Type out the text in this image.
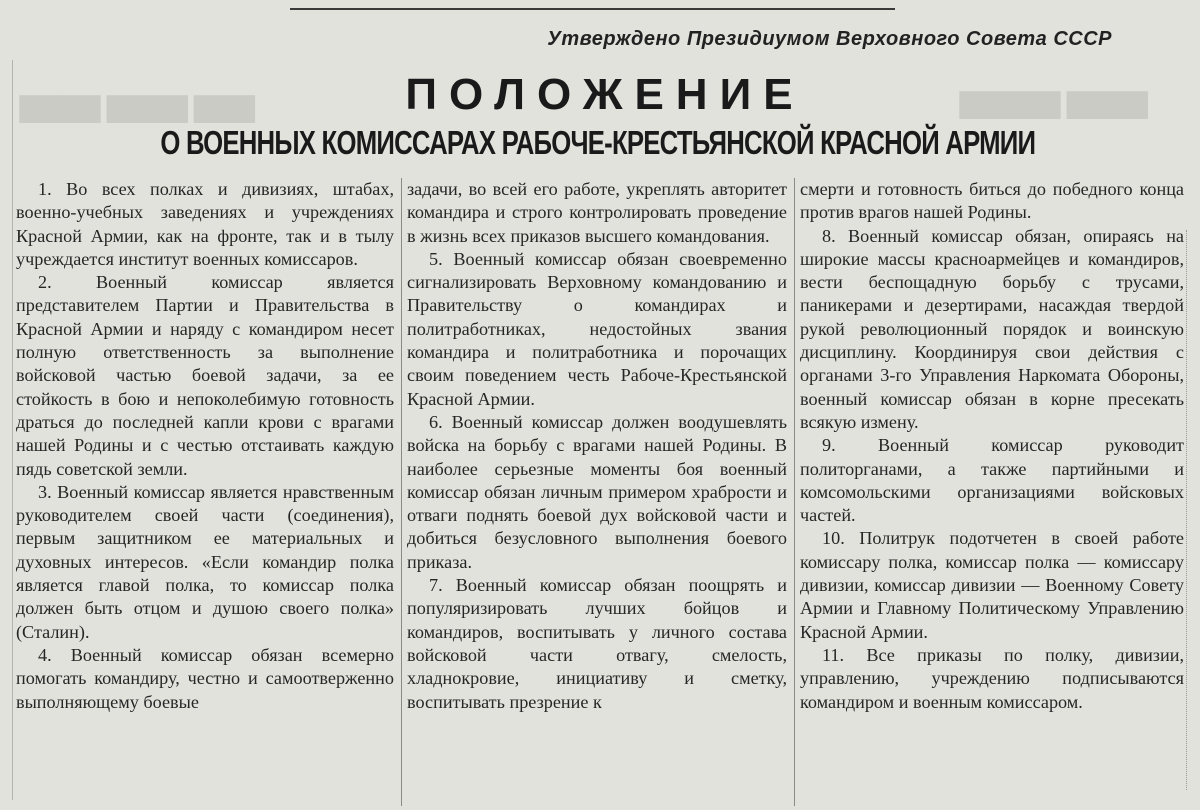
▇▇▇ ▇▇▇▇ ▇▇▇▇	▇▇▇▇ ▇▇▇▇▇
Утверждено Президиумом Верховного Совета СССР
ПОЛОЖЕНИЕ
О ВОЕННЫХ КОМИССАРАХ РАБОЧЕ-КРЕСТЬЯНСКОЙ КРАСНОЙ АРМИИ

1. Во всех полках и дивизиях, штабах, военно-учебных заведениях и учреждениях Красной Армии, как на фронте, так и в тылу учреждается институт военных комиссаров.

2. Военный комиссар является представителем Партии и Правительства в Красной Армии и наряду с командиром несет полную ответственность за выполнение войсковой частью боевой задачи, за ее стойкость в бою и непоколебимую готовность драться до последней капли крови с врагами нашей Родины и с честью отстаивать каждую пядь советской земли.

3. Военный комиссар является нравственным руководителем своей части (соединения), первым защитником ее материальных и духовных интересов. «Если командир полка является главой полка, то комиссар полка должен быть отцом и душою своего полка» (Сталин).

4. Военный комиссар обязан всемерно помогать командиру, честно и самоотверженно выполняющему боевые

задачи, во всей его работе, укреплять авторитет командира и строго контролировать проведение в жизнь всех приказов высшего командования.

5. Военный комиссар обязан своевременно сигнализировать Верховному командованию и Правительству о командирах и политработниках, недостойных звания командира и политработника и порочащих своим поведением честь Рабоче-Крестьянской Красной Армии.

6. Военный комиссар должен воодушевлять войска на борьбу с врагами нашей Родины. В наиболее серьезные моменты боя военный комиссар обязан личным примером храбрости и отваги поднять боевой дух войсковой части и добиться безусловного выполнения боевого приказа.

7. Военный комиссар обязан поощрять и популяризировать лучших бойцов и командиров, воспитывать у личного состава войсковой части отвагу, смелость, хладнокровие, инициативу и сметку, воспитывать презрение к

смерти и готовность биться до победного конца против врагов нашей Родины.

8. Военный комиссар обязан, опираясь на широкие массы красноармейцев и командиров, вести беспощадную борьбу с трусами, паникерами и дезертирами, насаждая твердой рукой революционный порядок и воинскую дисциплину. Координируя свои действия с органами 3-го Управления Наркомата Обороны, военный комиссар обязан в корне пресекать всякую измену.

9. Военный комиссар руководит политорганами, а также партийными и комсомольскими организациями войсковых частей.

10. Политрук подотчетен в своей работе комиссару полка, комиссар полка — комиссару дивизии, комиссар дивизии — Военному Совету Армии и Главному Политическому Управлению Красной Армии.

11. Все приказы по полку, дивизии, управлению, учреждению подписываются командиром и военным комиссаром.
